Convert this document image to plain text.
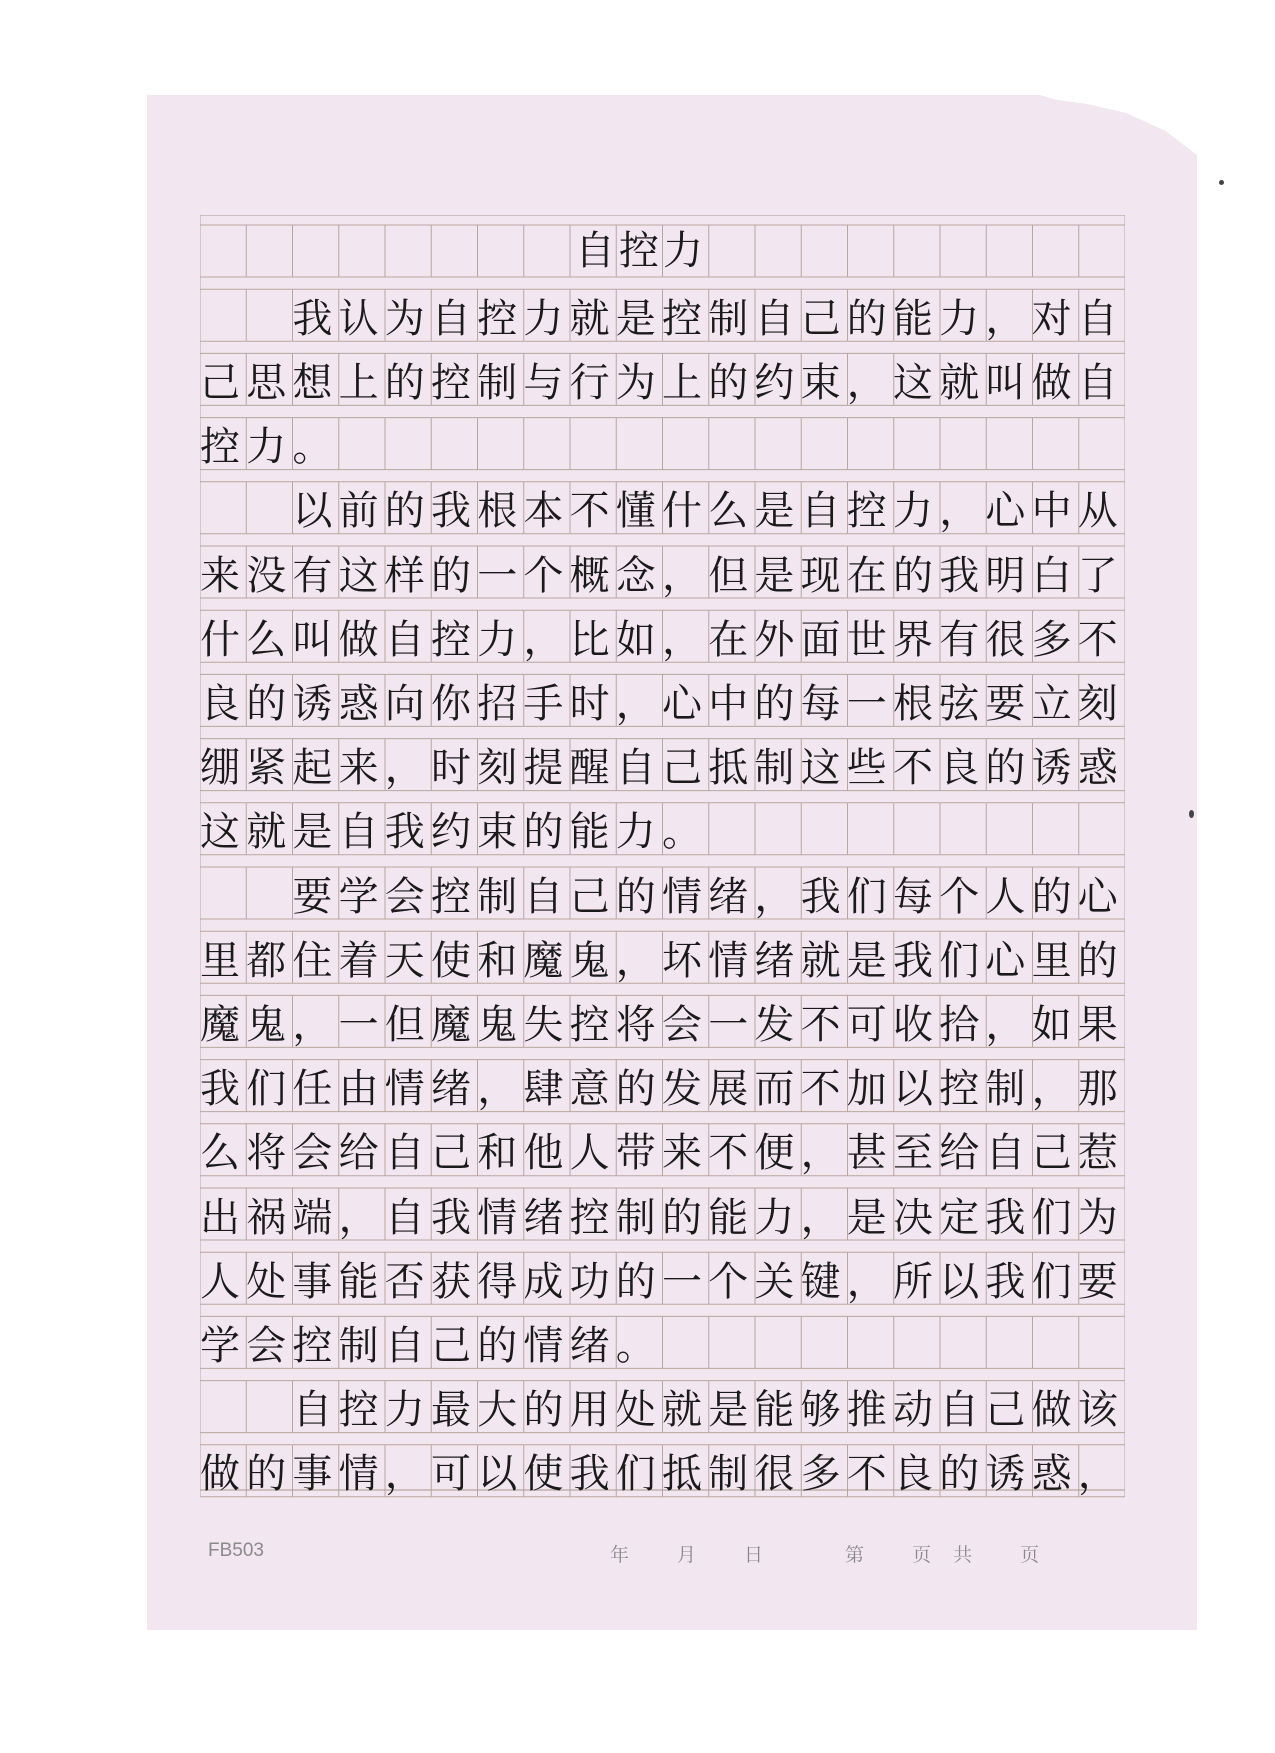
自控力
　　我认为自控力就是控制自己的能力，对自
己思想上的控制与行为上的约束，这就叫做自
控力。
　　以前的我根本不懂什么是自控力，心中从
来没有这样的一个概念，但是现在的我明白了
什么叫做自控力，比如，在外面世界有很多不
良的诱惑向你招手时，心中的每一根弦要立刻
绷紧起来，时刻提醒自己抵制这些不良的诱惑
这就是自我约束的能力。
　　要学会控制自己的情绪，我们每个人的心
里都住着天使和魔鬼，坏情绪就是我们心里的
魔鬼，一但魔鬼失控将会一发不可收拾，如果
我们任由情绪，肆意的发展而不加以控制，那
么将会给自己和他人带来不便，甚至给自己惹
出祸端，自我情绪控制的能力，是决定我们为
人处事能否获得成功的一个关键，所以我们要
学会控制自己的情绪。
　　自控力最大的用处就是能够推动自己做该
做的事情，可以使我们抵制很多不良的诱惑，
FB503	年 月 日	第 页 共 页
